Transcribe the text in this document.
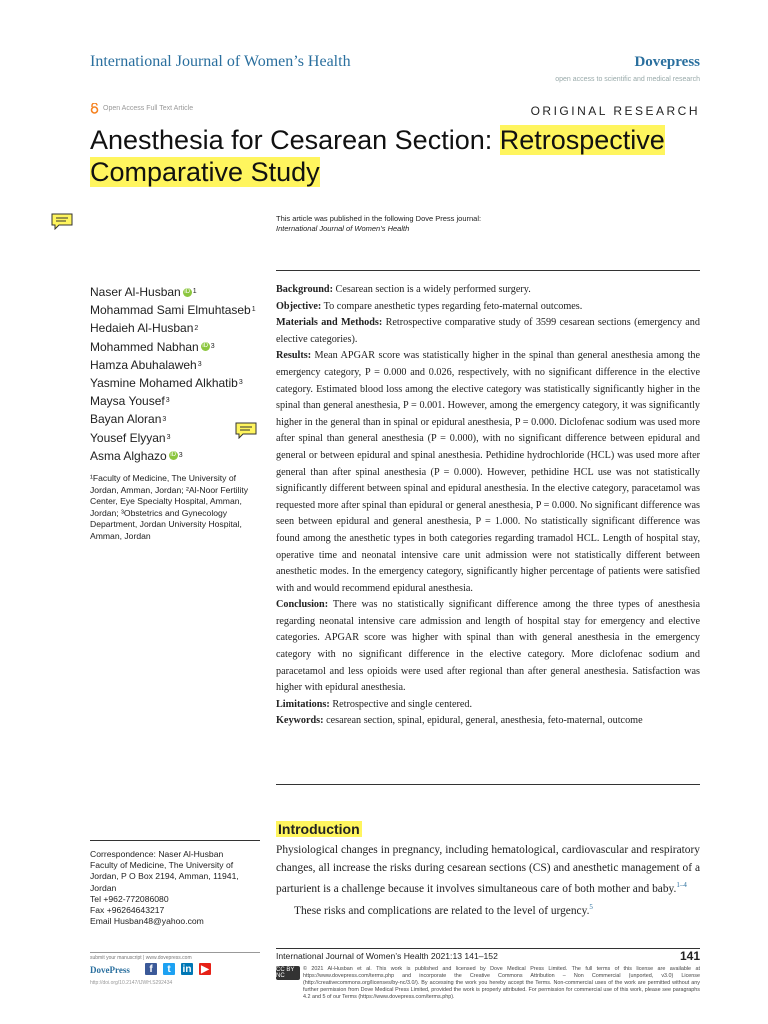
International Journal of Women’s Health	Dovepress
open access to scientific and medical research
Open Access Full Text Article	ORIGINAL RESEARCH
Anesthesia for Cesarean Section: Retrospective
Comparative Study
This article was published in the following Dove Press journal:
International Journal of Women’s Health
Naser Al-Husban iD 1
Mohammad Sami Elmuhtaseb 1
Hedaieh Al-Husban 2
Mohammed Nabhan iD 3
Hamza Abuhalaweh 3
Yasmine Mohamed Alkhatib 3
Maysa Yousef 3
Bayan Aloran 3
Yousef Elyyan 3
Asma Alghazo iD 3
¹Faculty of Medicine, The University of Jordan, Amman, Jordan; ²Al-Noor Fertility Center, Eye Specialty Hospital, Amman, Jordan; ³Obstetrics and Gynecology Department, Jordan University Hospital, Amman, Jordan

Background: Cesarean section is a widely performed surgery.

Objective: To compare anesthetic types regarding feto-maternal outcomes.

Materials and Methods: Retrospective comparative study of 3599 cesarean sections (emergency and elective categories).

Results: Mean APGAR score was statistically higher in the spinal than general anesthesia among the emergency category, P = 0.000 and 0.026, respectively, with no significant difference in the elective category. Estimated blood loss among the elective category was statistically significantly higher in the spinal than general anesthesia, P = 0.001. However, among the emergency category, it was significantly higher in the general than in spinal or epidural anesthesia, P = 0.000. Diclofenac sodium was used more after spinal than general anesthesia (P = 0.000), with no significant difference between epidural and general or between epidural and spinal anesthesia. Pethidine hydrochloride (HCL) was used more after general than after spinal anesthesia (P = 0.000). However, pethidine HCL use was not statistically significantly different between spinal and epidural anesthesia. In the elective category, paracetamol was requested more after spinal than epidural or general anesthesia, P = 0.000. No significant difference was seen between epidural and general anesthesia, P = 1.000. No statistically significant difference was found among the anesthetic types in both categories regarding tramadol HCL. Length of hospital stay, operative time and neonatal intensive care unit admission were not statistically different between anesthetic modes. In the emergency category, significantly higher percentage of patients were satisfied with and would recommend epidural anesthesia.

Conclusion: There was no statistically significant difference among the three types of anesthesia regarding neonatal intensive care admission and length of hospital stay for emergency and elective categories. APGAR score was higher with spinal than with general anesthesia in the emergency category with no significant difference in the elective category. More diclofenac sodium and paracetamol and less opioids were used after regional than after general anesthesia. Satisfaction was higher with epidural anesthesia.

Limitations: Retrospective and single centered.

Keywords: cesarean section, spinal, epidural, general, anesthesia, feto-maternal, outcome

Correspondence: Naser Al-Husban
Faculty of Medicine, The University of Jordan, P O Box 2194, Amman, 11941, Jordan
Tel +962-772086080
Fax +96264643217
Email Husban48@yahoo.com
Introduction

Physiological changes in pregnancy, including hematological, cardiovascular and respiratory changes, all increase the risks during cesarean sections (CS) and anesthetic management of a parturient is a challenge because it involves simultaneous care of both mother and baby.$^{1-4}$

These risks and complications are related to the level of urgency.$^5$

submit your manuscript | www.dovepress.com
DovePress	f	t	in ▶
http://doi.org/10.2147/IJWH.S292434
International Journal of Women’s Health 2021:13 141–152	141
CC BY NC
© 2021 Al-Husban et al. This work is published and licensed by Dove Medical Press Limited. The full terms of this license are available at https://www.dovepress.com/terms.php and incorporate the Creative Commons Attribution – Non Commercial (unported, v3.0) License (http://creativecommons.org/licenses/by-nc/3.0/). By accessing the work you hereby accept the Terms. Non-commercial uses of the work are permitted without any further permission from Dove Medical Press Limited, provided the work is properly attributed. For permission for commercial use of this work, please see paragraphs 4.2 and 5 of our Terms (https://www.dovepress.com/terms.php).
